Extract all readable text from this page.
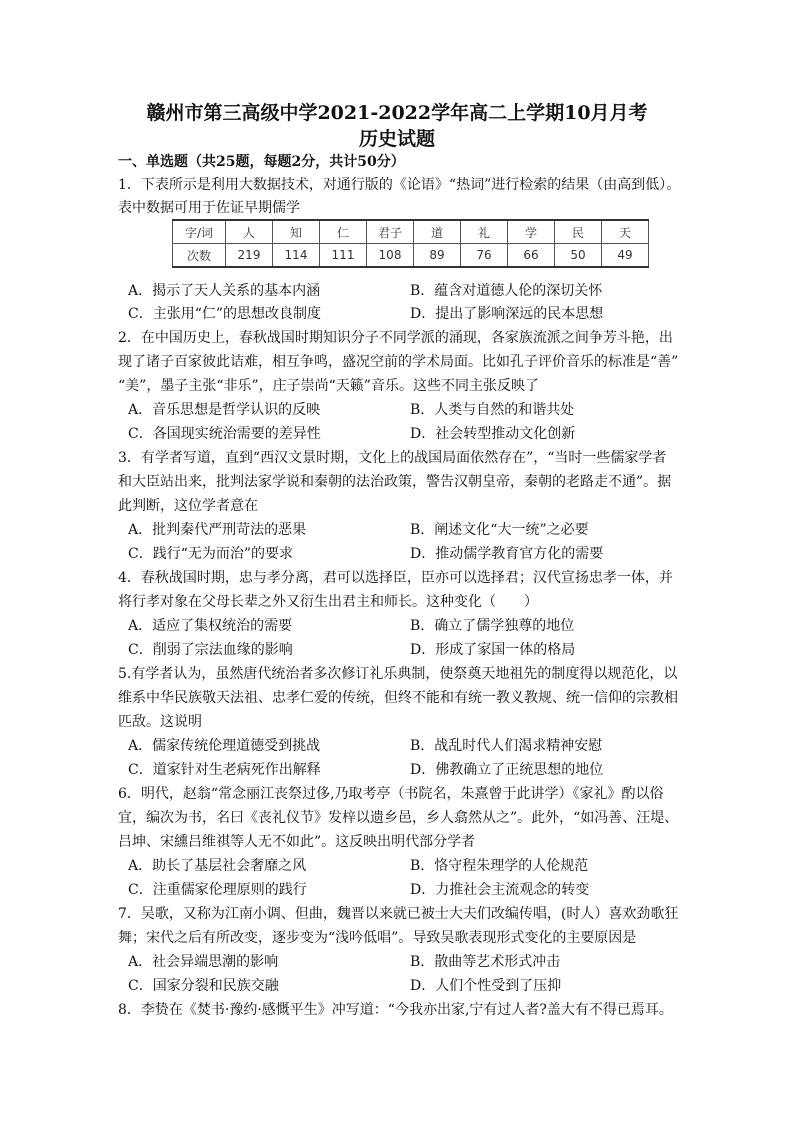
赣州市第三高级中学2021-2022学年高二上学期10月月考
历史试题
一、单选题（共25题，每题2分，共计50分）
1．下表所示是利用大数据技术，对通行版的《论语》“热词”进行检索的结果（由高到低）。
表中数据可用于佐证早期儒学
字/词	人	知	仁	君子	道	礼	学	民	天
次数	219	114	111	108	89	76	66	50	49
A．揭示了天人关系的基本内涵	B．蕴含对道德人伦的深切关怀
C．主张用“仁”的思想改良制度	D．提出了影响深远的民本思想
2．在中国历史上，春秋战国时期知识分子不同学派的涌现，各家族流派之间争芳斗艳，出
现了诸子百家彼此诘难，相互争鸣，盛况空前的学术局面。比如孔子评价音乐的标准是“善”
“美”，墨子主张“非乐”，庄子崇尚“天籁”音乐。这些不同主张反映了
A．音乐思想是哲学认识的反映	B．人类与自然的和谐共处
C．各国现实统治需要的差异性	D．社会转型推动文化创新
3．有学者写道，直到“西汉文景时期，文化上的战国局面依然存在”，“当时一些儒家学者
和大臣站出来，批判法家学说和秦朝的法治政策，警告汉朝皇帝，秦朝的老路走不通”。据
此判断，这位学者意在
A．批判秦代严刑苛法的恶果	B．阐述文化“大一统”之必要
C．践行“无为而治”的要求	D．推动儒学教育官方化的需要
4．春秋战国时期，忠与孝分离，君可以选择臣，臣亦可以选择君；汉代宣扬忠孝一体，并
将行孝对象在父母长辈之外又衍生出君主和师长。这种变化（　　）
A．适应了集权统治的需要	B．确立了儒学独尊的地位
C．削弱了宗法血缘的影响	D．形成了家国一体的格局
5.有学者认为，虽然唐代统治者多次修订礼乐典制，使祭奠天地祖先的制度得以规范化，以
维系中华民族敬天法祖、忠孝仁爱的传统，但终不能和有统一教义教规、统一信仰的宗教相
匹敌。这说明
A．儒家传统伦理道德受到挑战	B．战乱时代人们渴求精神安慰
C．道家针对生老病死作出解释	D．佛教确立了正统思想的地位
6．明代，赵翁“常念丽江丧祭过侈,乃取考亭（书院名，朱熹曾于此讲学）《家礼》酌以俗
宜，编次为书，名曰《丧礼仪节》发梓以遗乡邑，乡人翕然从之”。此外，“如冯善、汪堤、
吕坤、宋纁吕维祺等人无不如此”。这反映出明代部分学者
A．助长了基层社会奢靡之风	B．恪守程朱理学的人伦规范
C．注重儒家伦理原则的践行	D．力推社会主流观念的转变
7．吴歌，又称为江南小调、但曲，魏晋以来就已被士大夫们改编传唱，(时人）喜欢劲歌狂
舞；宋代之后有所改变，逐步变为“浅吟低唱”。导致吴歌表现形式变化的主要原因是
A．社会异端思潮的影响	B．散曲等艺术形式冲击
C．国家分裂和民族交融	D．人们个性受到了压抑
8．李贽在《焚书·豫约·感慨平生》冲写道：“今我亦出家,宁有过人者?盖大有不得已焉耳。
